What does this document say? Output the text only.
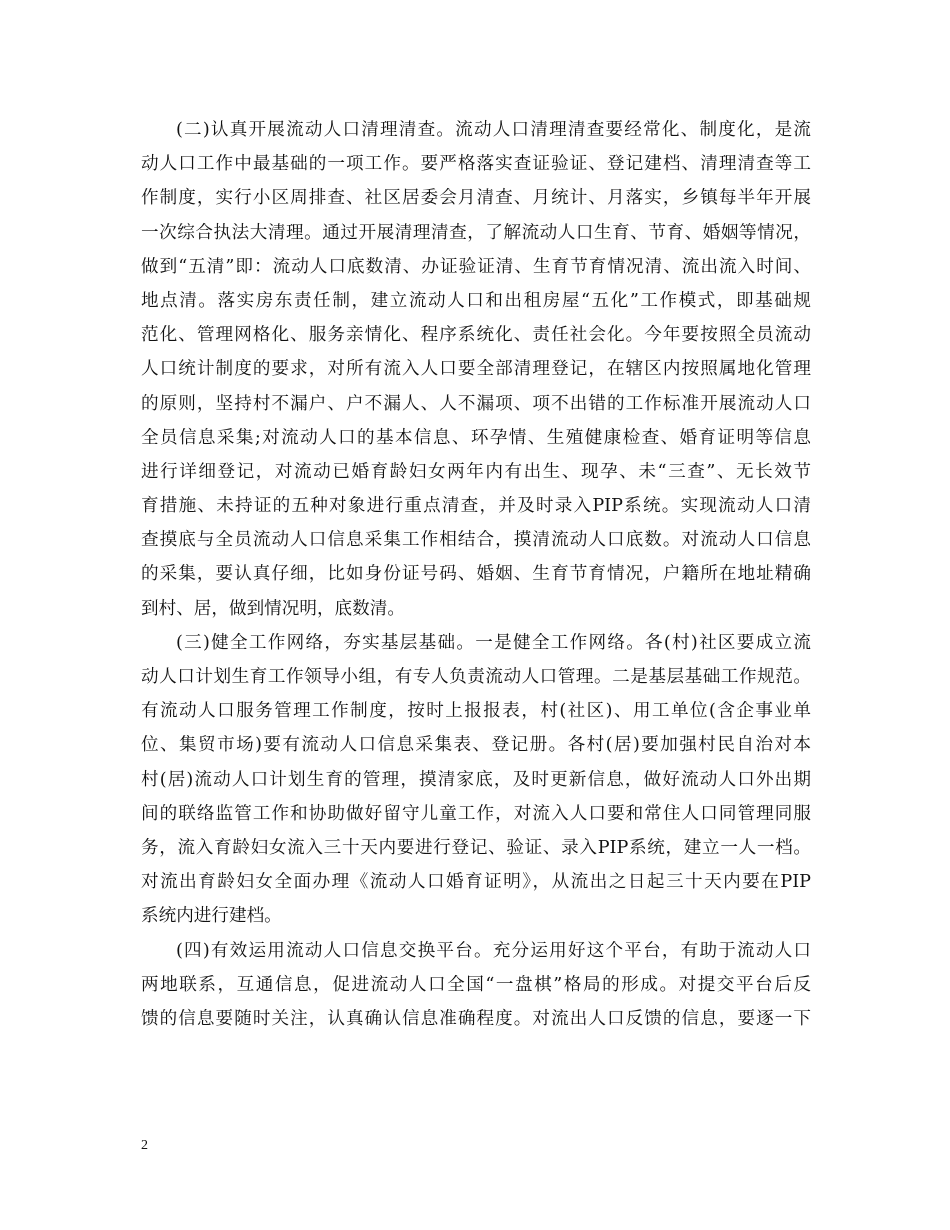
(二)认真开展流动人口清理清查。流动人口清理清查要经常化、制度化，是流
动人口工作中最基础的一项工作。要严格落实查证验证、登记建档、清理清查等工
作制度，实行小区周排查、社区居委会月清查、月统计、月落实，乡镇每半年开展
一次综合执法大清理。通过开展清理清查，了解流动人口生育、节育、婚姻等情况，
做到“五清”即：流动人口底数清、办证验证清、生育节育情况清、流出流入时间、
地点清。落实房东责任制，建立流动人口和出租房屋“五化”工作模式，即基础规
范化、管理网格化、服务亲情化、程序系统化、责任社会化。今年要按照全员流动
人口统计制度的要求，对所有流入人口要全部清理登记，在辖区内按照属地化管理
的原则，坚持村不漏户、户不漏人、人不漏项、项不出错的工作标准开展流动人口
全员信息采集;对流动人口的基本信息、环孕情、生殖健康检查、婚育证明等信息
进行详细登记，对流动已婚育龄妇女两年内有出生、现孕、未“三查”、无长效节
育措施、未持证的五种对象进行重点清查，并及时录入PIP系统。实现流动人口清
查摸底与全员流动人口信息采集工作相结合，摸清流动人口底数。对流动人口信息
的采集，要认真仔细，比如身份证号码、婚姻、生育节育情况，户籍所在地址精确
到村、居，做到情况明，底数清。
(三)健全工作网络，夯实基层基础。一是健全工作网络。各(村)社区要成立流
动人口计划生育工作领导小组，有专人负责流动人口管理。二是基层基础工作规范。
有流动人口服务管理工作制度，按时上报报表，村(社区)、用工单位(含企事业单
位、集贸市场)要有流动人口信息采集表、登记册。各村(居)要加强村民自治对本
村(居)流动人口计划生育的管理，摸清家底，及时更新信息，做好流动人口外出期
间的联络监管工作和协助做好留守儿童工作，对流入人口要和常住人口同管理同服
务，流入育龄妇女流入三十天内要进行登记、验证、录入PIP系统，建立一人一档。
对流出育龄妇女全面办理《流动人口婚育证明》，从流出之日起三十天内要在PIP
系统内进行建档。
(四)有效运用流动人口信息交换平台。充分运用好这个平台，有助于流动人口
两地联系，互通信息，促进流动人口全国“一盘棋”格局的形成。对提交平台后反
馈的信息要随时关注，认真确认信息准确程度。对流出人口反馈的信息，要逐一下
2
